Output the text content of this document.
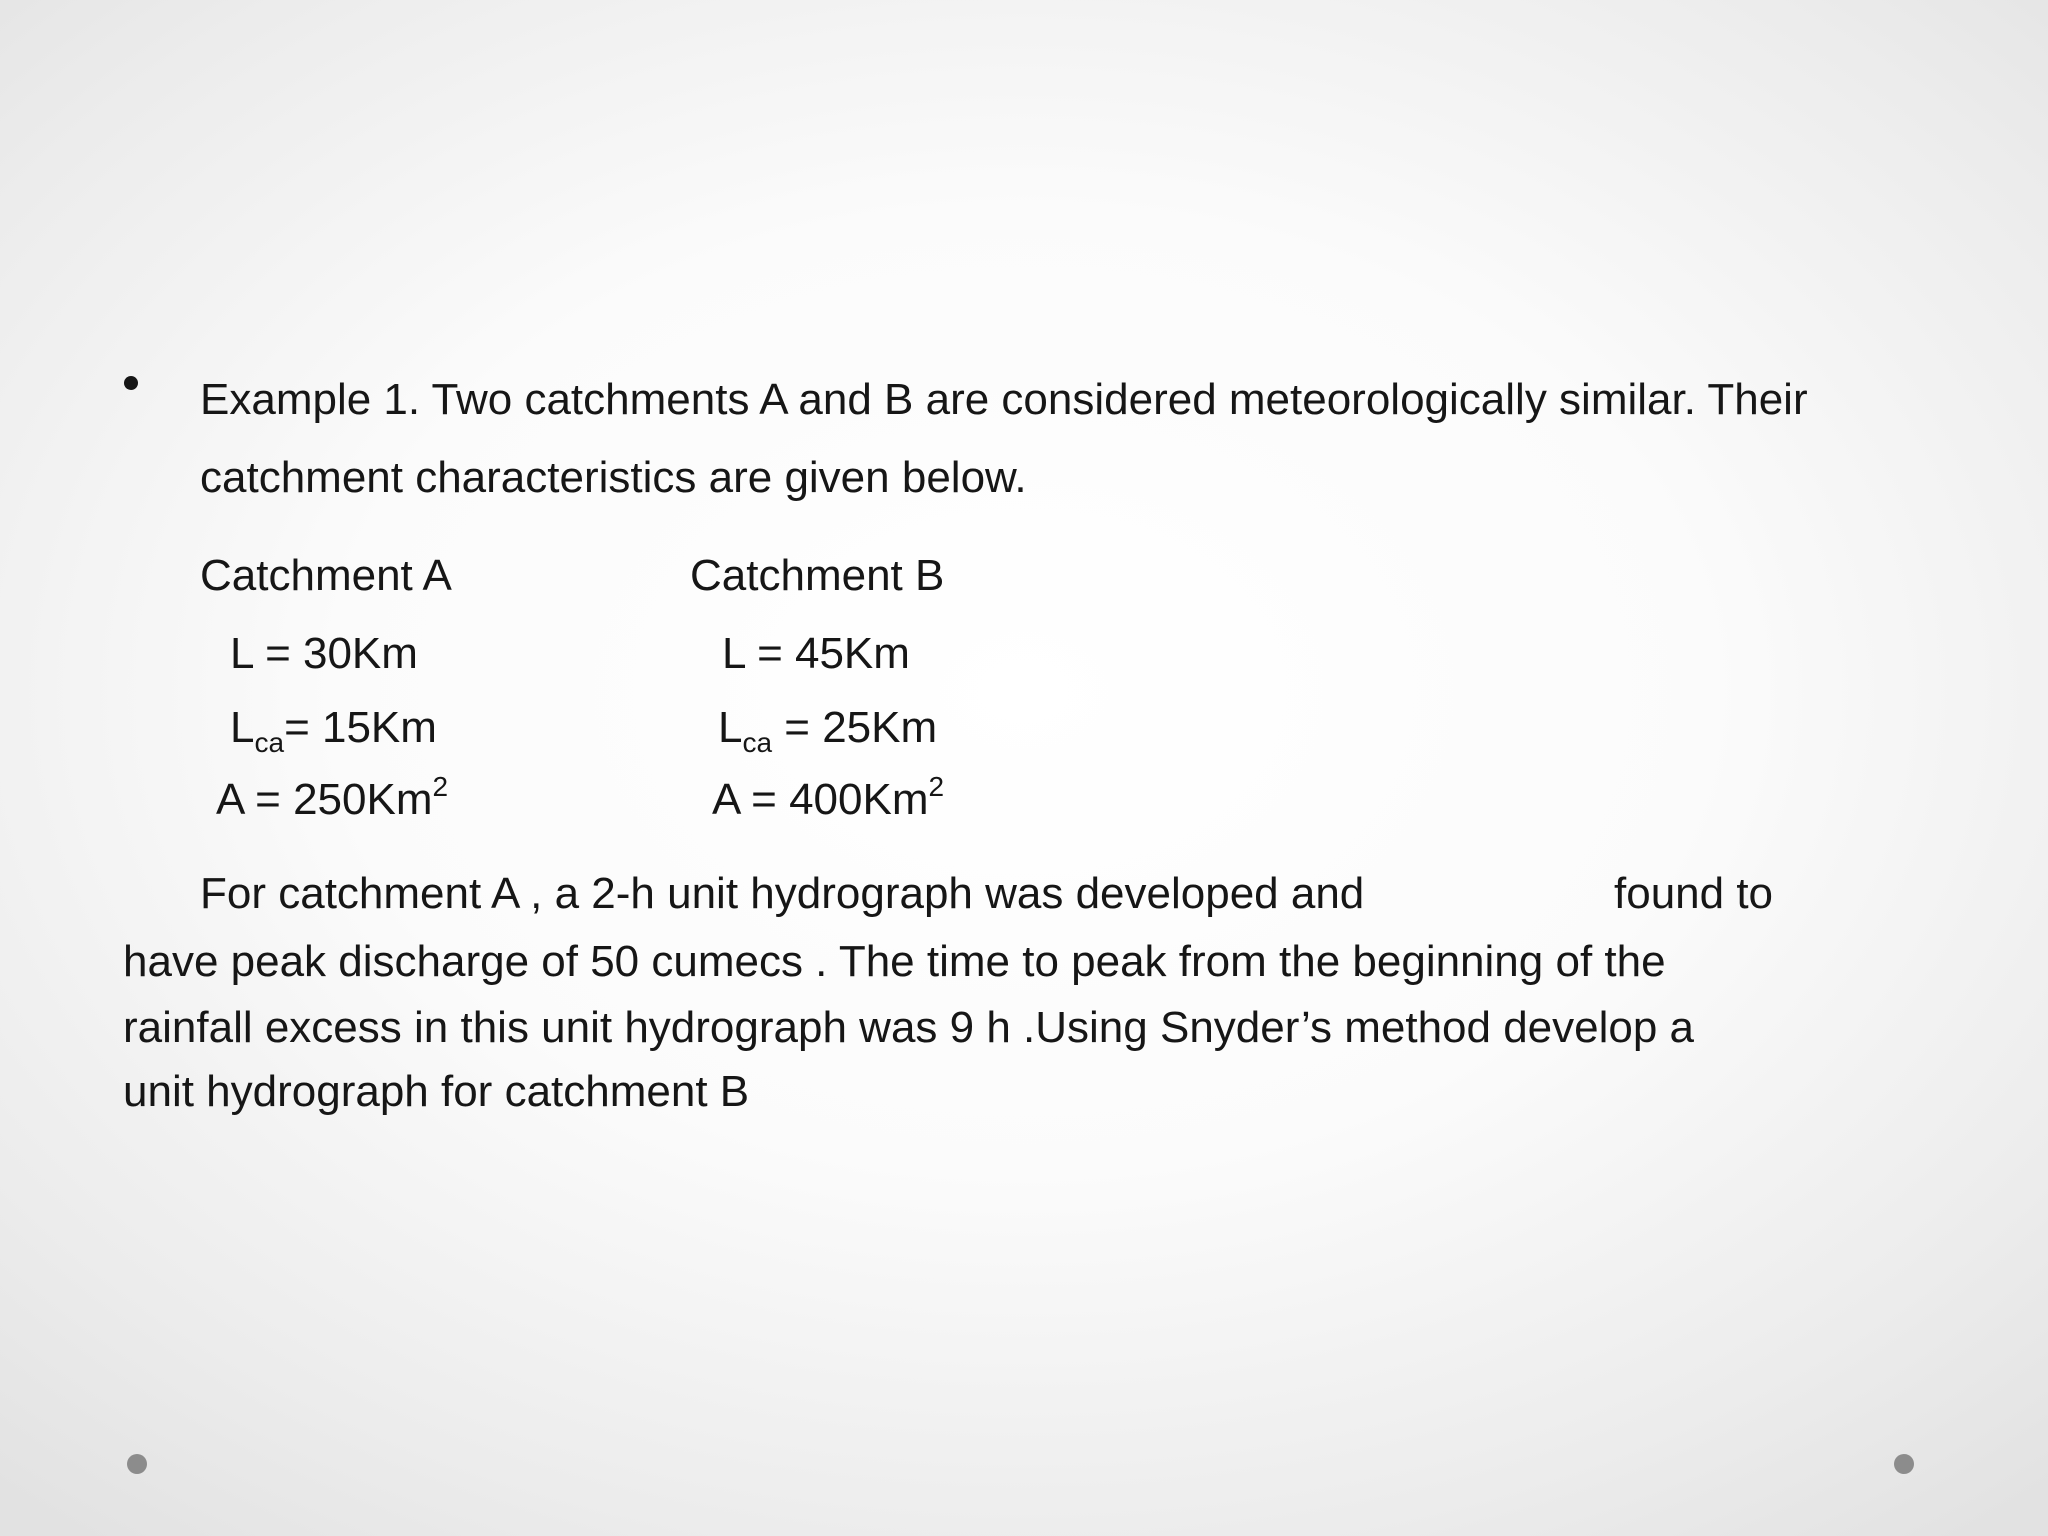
Example 1. Two catchments A and B are considered meteorologically similar. Their
catchment characteristics are given below.
Catchment A	Catchment B
L = 30Km	L = 45Km
$L_{ca}= 15Km$	$L_{ca} = 25Km$
$A = 250Km^2$	$A = 400Km^2$
For catchment A , a 2-h unit hydrograph was developed and	found to
have peak discharge of 50 cumecs . The time to peak from the beginning of the
rainfall excess in this unit hydrograph was 9 h .Using Snyder’s method develop a
unit hydrograph for catchment B
